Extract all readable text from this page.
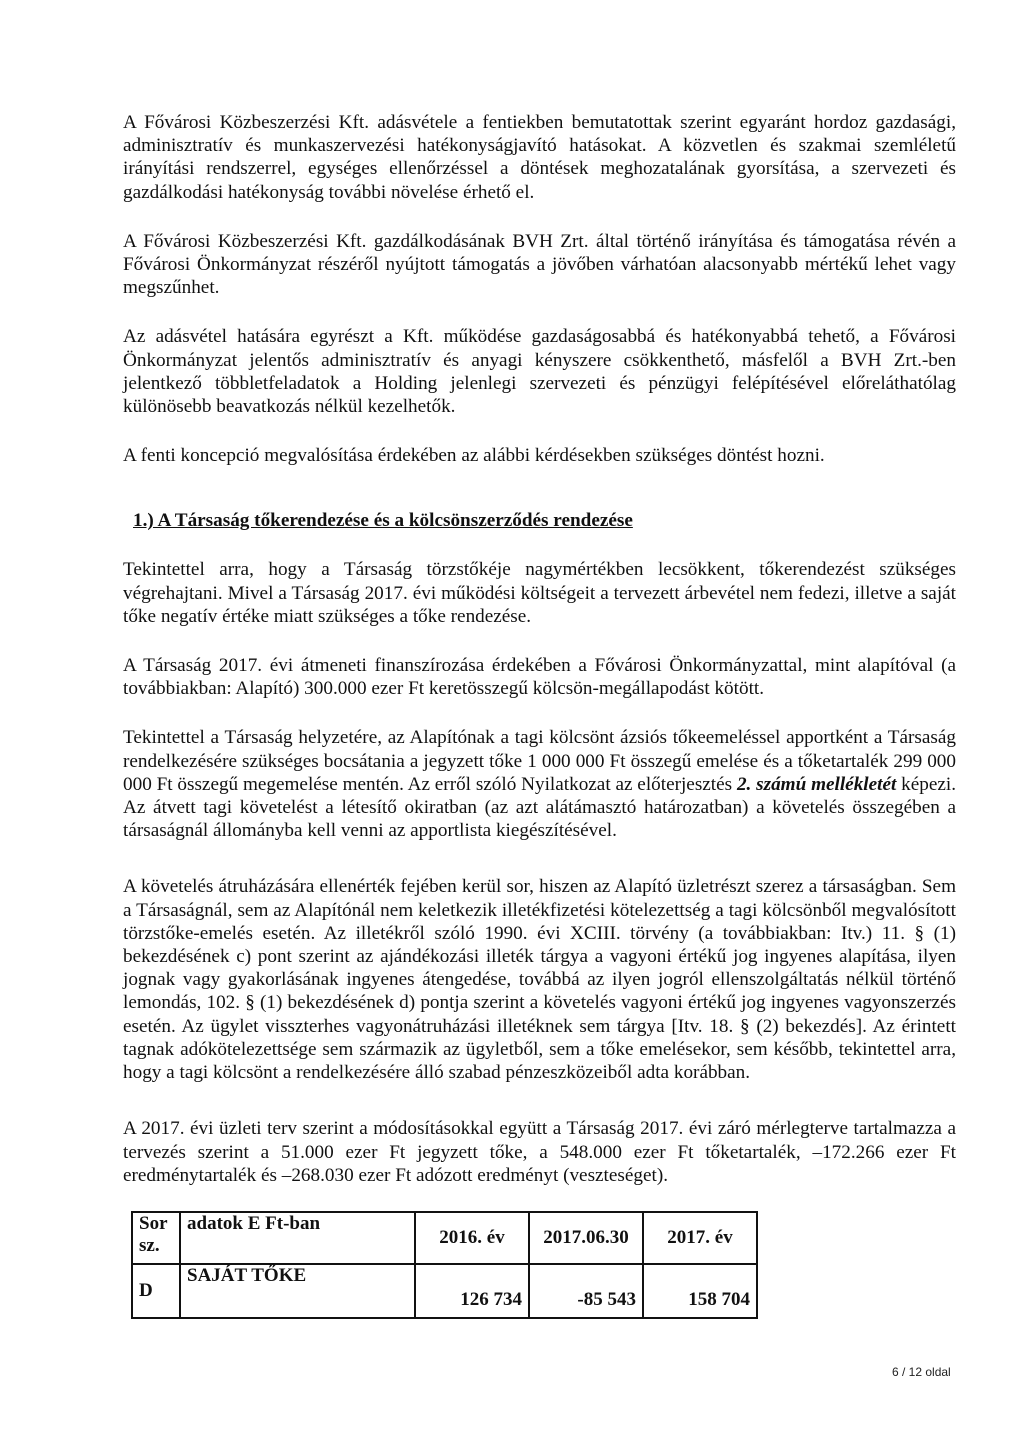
A Fővárosi Közbeszerzési Kft. adásvétele a fentiekben bemutatottak szerint egyaránt hordoz gazdasági, adminisztratív és munkaszervezési hatékonyságjavító hatásokat. A közvetlen és szakmai szemléletű irányítási rendszerrel, egységes ellenőrzéssel a döntések meghozatalának gyorsítása, a szervezeti és gazdálkodási hatékonyság további növelése érhető el.

A Fővárosi Közbeszerzési Kft. gazdálkodásának BVH Zrt. által történő irányítása és támogatása révén a Fővárosi Önkormányzat részéről nyújtott támogatás a jövőben várhatóan alacsonyabb mértékű lehet vagy megszűnhet.

Az adásvétel hatására egyrészt a Kft. működése gazdaságosabbá és hatékonyabbá tehető, a Fővárosi Önkormányzat jelentős adminisztratív és anyagi kényszere csökkenthető, másfelől a BVH Zrt.-ben jelentkező többletfeladatok a Holding jelenlegi szervezeti és pénzügyi felépítésével előreláthatólag különösebb beavatkozás nélkül kezelhetők.

A fenti koncepció megvalósítása érdekében az alábbi kérdésekben szükséges döntést hozni.

1.) A Társaság tőkerendezése és a kölcsönszerződés rendezése

Tekintettel arra, hogy a Társaság törzstőkéje nagymértékben lecsökkent, tőkerendezést szükséges végrehajtani. Mivel a Társaság 2017. évi működési költségeit a tervezett árbevétel nem fedezi, illetve a saját tőke negatív értéke miatt szükséges a tőke rendezése.

A Társaság 2017. évi átmeneti finanszírozása érdekében a Fővárosi Önkormányzattal, mint alapítóval (a továbbiakban: Alapító) 300.000 ezer Ft keretösszegű kölcsön-megállapodást kötött.

Tekintettel a Társaság helyzetére, az Alapítónak a tagi kölcsönt ázsiós tőkeemeléssel apportként a Társaság rendelkezésére szükséges bocsátania a jegyzett tőke 1 000 000 Ft összegű emelése és a tőketartalék 299 000 000 Ft összegű megemelése mentén. Az erről szóló Nyilatkozat az előterjesztés 2. számú mellékletét képezi. Az átvett tagi követelést a létesítő okiratban (az azt alátámasztó határozatban) a követelés összegében a társaságnál állományba kell venni az apportlista kiegészítésével.

A követelés átruházására ellenérték fejében kerül sor, hiszen az Alapító üzletrészt szerez a társaságban. Sem a Társaságnál, sem az Alapítónál nem keletkezik illetékfizetési kötelezettség a tagi kölcsönből megvalósított törzstőke-emelés esetén. Az illetékről szóló 1990. évi XCIII. törvény (a továbbiakban: Itv.) 11. § (1) bekezdésének c) pont szerint az ajándékozási illeték tárgya a vagyoni értékű jog ingyenes alapítása, ilyen jognak vagy gyakorlásának ingyenes átengedése, továbbá az ilyen jogról ellenszolgáltatás nélkül történő lemondás, 102. § (1) bekezdésének d) pontja szerint a követelés vagyoni értékű jog ingyenes vagyonszerzés esetén. Az ügylet visszterhes vagyonátruházási illetéknek sem tárgya [Itv. 18. § (2) bekezdés]. Az érintett tagnak adókötelezettsége sem származik az ügyletből, sem a tőke emelésekor, sem később, tekintettel arra, hogy a tagi kölcsönt a rendelkezésére álló szabad pénzeszközeiből adta korábban.

A 2017. évi üzleti terv szerint a módosításokkal együtt a Társaság 2017. évi záró mérlegterve tartalmazza a tervezés szerint a 51.000 ezer Ft jegyzett tőke, a 548.000 ezer Ft tőketartalék, –172.266 ezer Ft eredménytartalék és –268.030 ezer Ft adózott eredményt (veszteséget).

Sor sz.	adatok E Ft-ban	2016. év	2017.06.30	2017. év
D	SAJÁT TŐKE	126 734	-85 543	158 704
6 / 12 oldal
